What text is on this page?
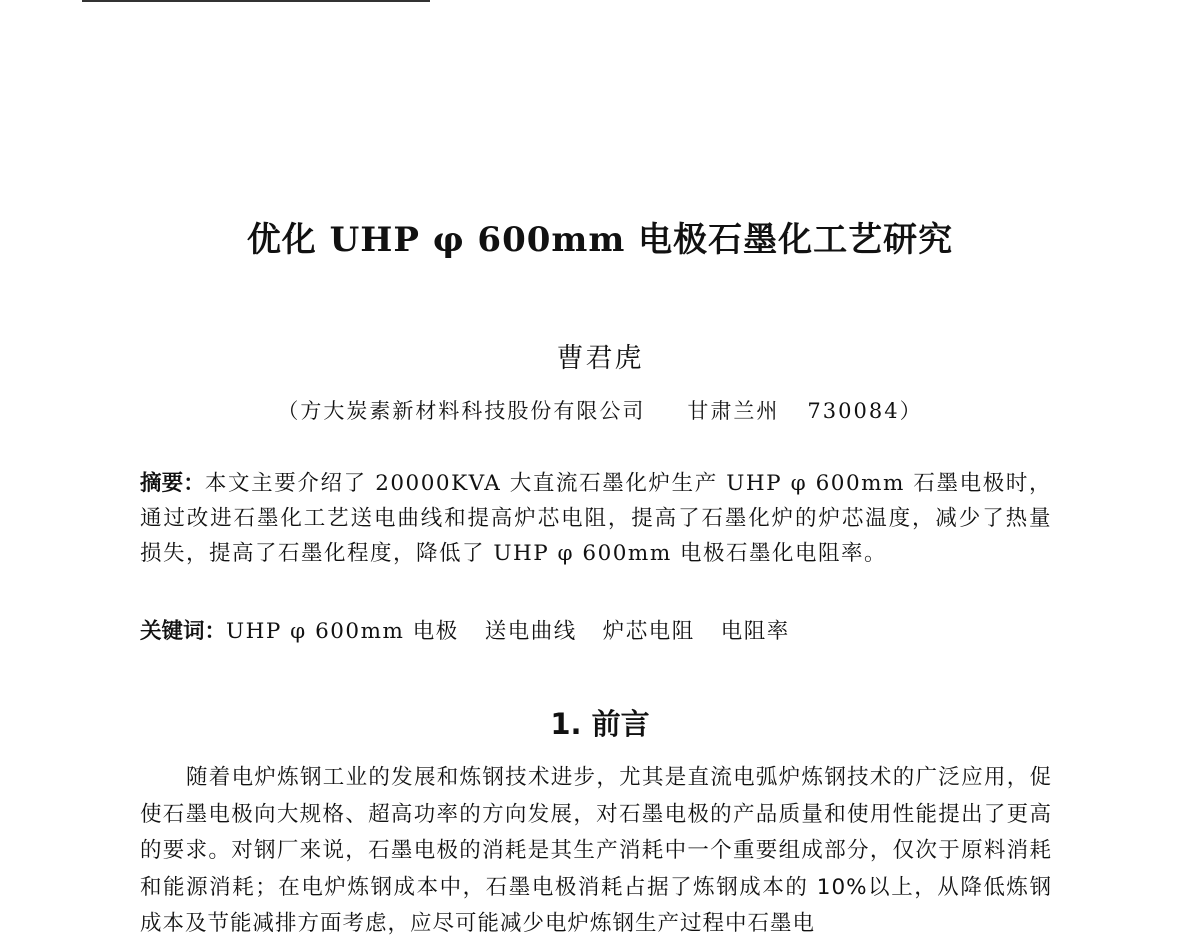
优化 UHP φ 600mm 电极石墨化工艺研究
曹君虎
（方大炭素新材料科技股份有限公司 甘肃兰州 730084）
摘要：本文主要介绍了 20000KVA 大直流石墨化炉生产 UHP φ 600mm 石墨电极时，通过改进石墨化工艺送电曲线和提高炉芯电阻，提高了石墨化炉的炉芯温度，减少了热量损失，提高了石墨化程度，降低了 UHP φ 600mm 电极石墨化电阻率。
关键词：UHP φ 600mm 电极 送电曲线 炉芯电阻 电阻率
1. 前言
随着电炉炼钢工业的发展和炼钢技术进步，尤其是直流电弧炉炼钢技术的广泛应用，促使石墨电极向大规格、超高功率的方向发展，对石墨电极的产品质量和使用性能提出了更高的要求。对钢厂来说，石墨电极的消耗是其生产消耗中一个重要组成部分，仅次于原料消耗和能源消耗；在电炉炼钢成本中，石墨电极消耗占据了炼钢成本的 10%以上，从降低炼钢成本及节能减排方面考虑，应尽可能减少电炉炼钢生产过程中石墨电
